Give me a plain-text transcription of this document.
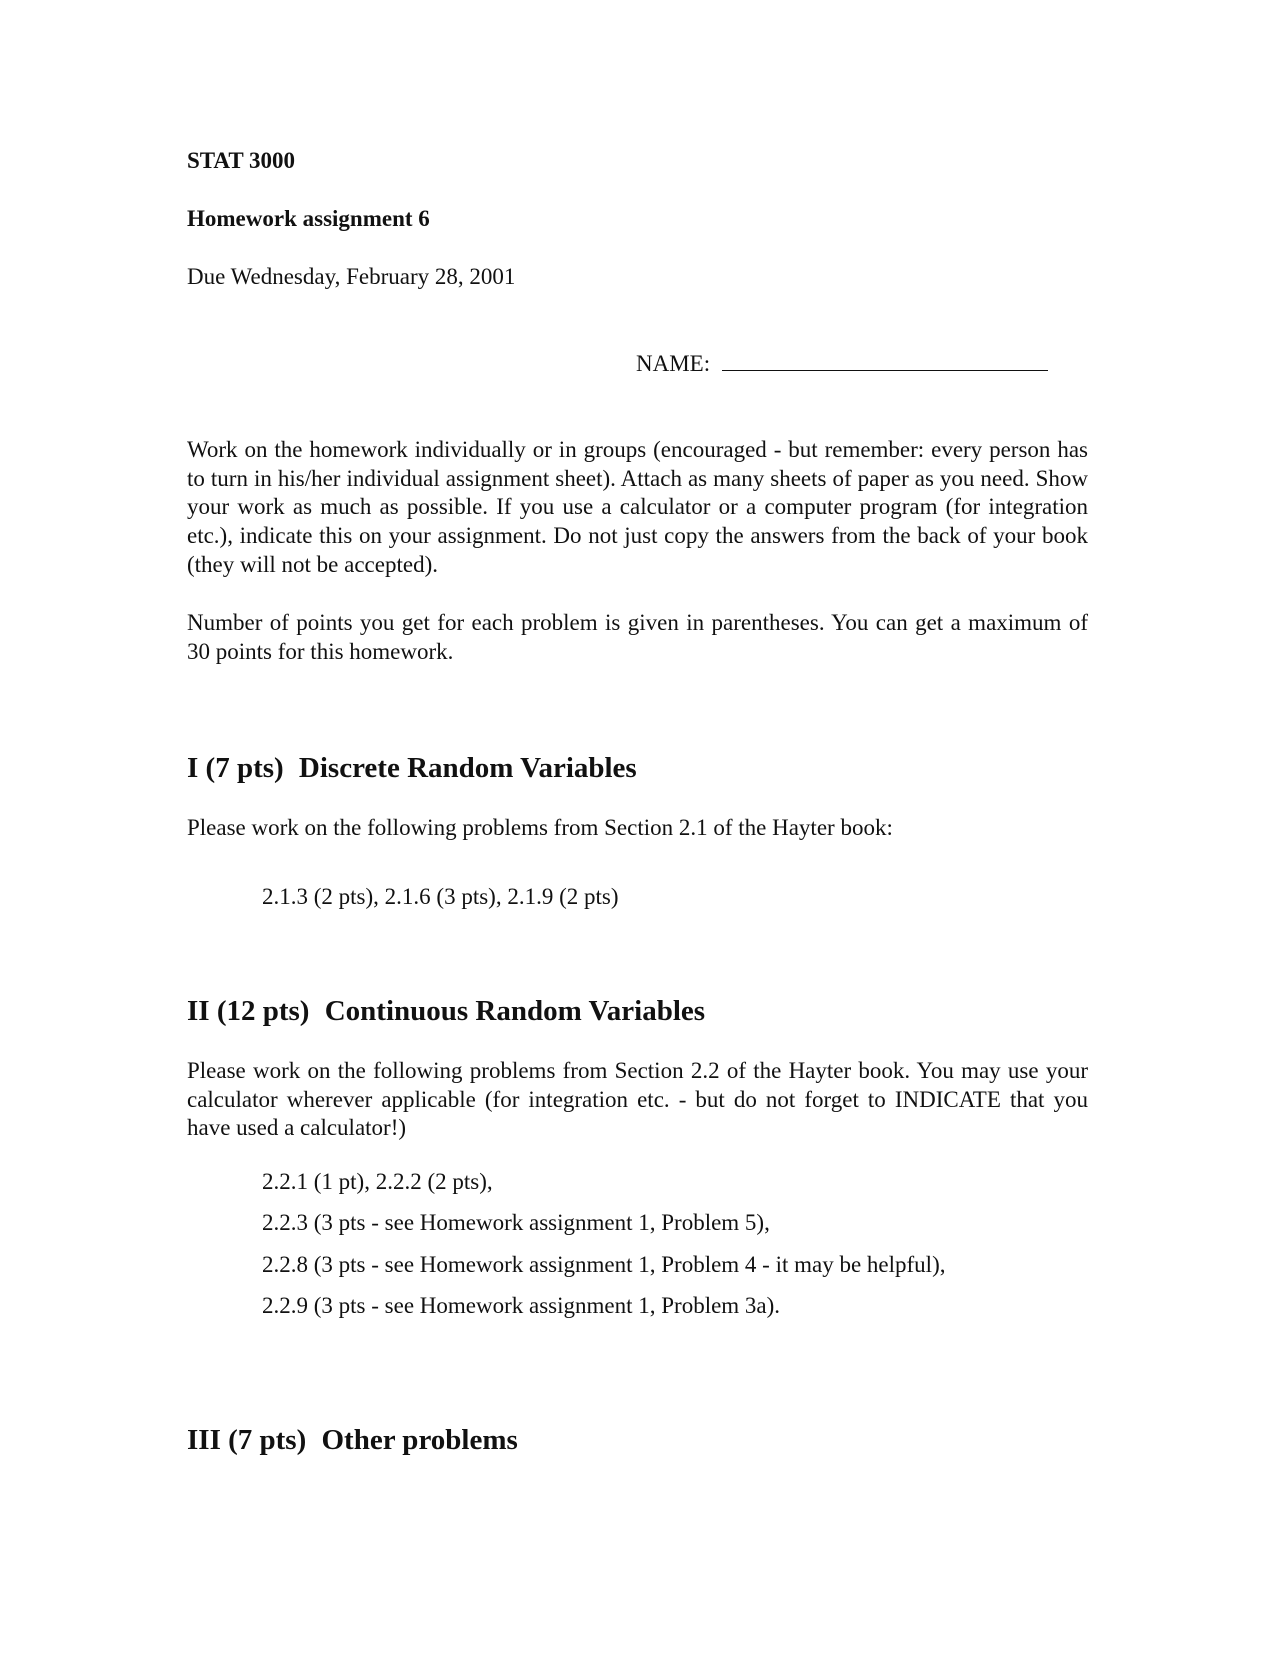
STAT 3000
Homework assignment 6
Due Wednesday, February 28, 2001
NAME:

Work on the homework individually or in groups (encouraged - but remember: every person has to turn in his/her individual assignment sheet). Attach as many sheets of paper as you need. Show your work as much as possible. If you use a calculator or a computer program (for integration etc.), indicate this on your assignment. Do not just copy the answers from the back of your book (they will not be accepted).

Number of points you get for each problem is given in parentheses. You can get a maximum of 30 points for this homework.

I (7 pts) Discrete Random Variables

Please work on the following problems from Section 2.1 of the Hayter book:

2.1.3 (2 pts), 2.1.6 (3 pts), 2.1.9 (2 pts)
II (12 pts) Continuous Random Variables

Please work on the following problems from Section 2.2 of the Hayter book. You may use your calculator wherever applicable (for integration etc. - but do not forget to INDICATE that you have used a calculator!)

2.2.1 (1 pt), 2.2.2 (2 pts),
2.2.3 (3 pts - see Homework assignment 1, Problem 5),
2.2.8 (3 pts - see Homework assignment 1, Problem 4 - it may be helpful),
2.2.9 (3 pts - see Homework assignment 1, Problem 3a).
III (7 pts) Other problems
